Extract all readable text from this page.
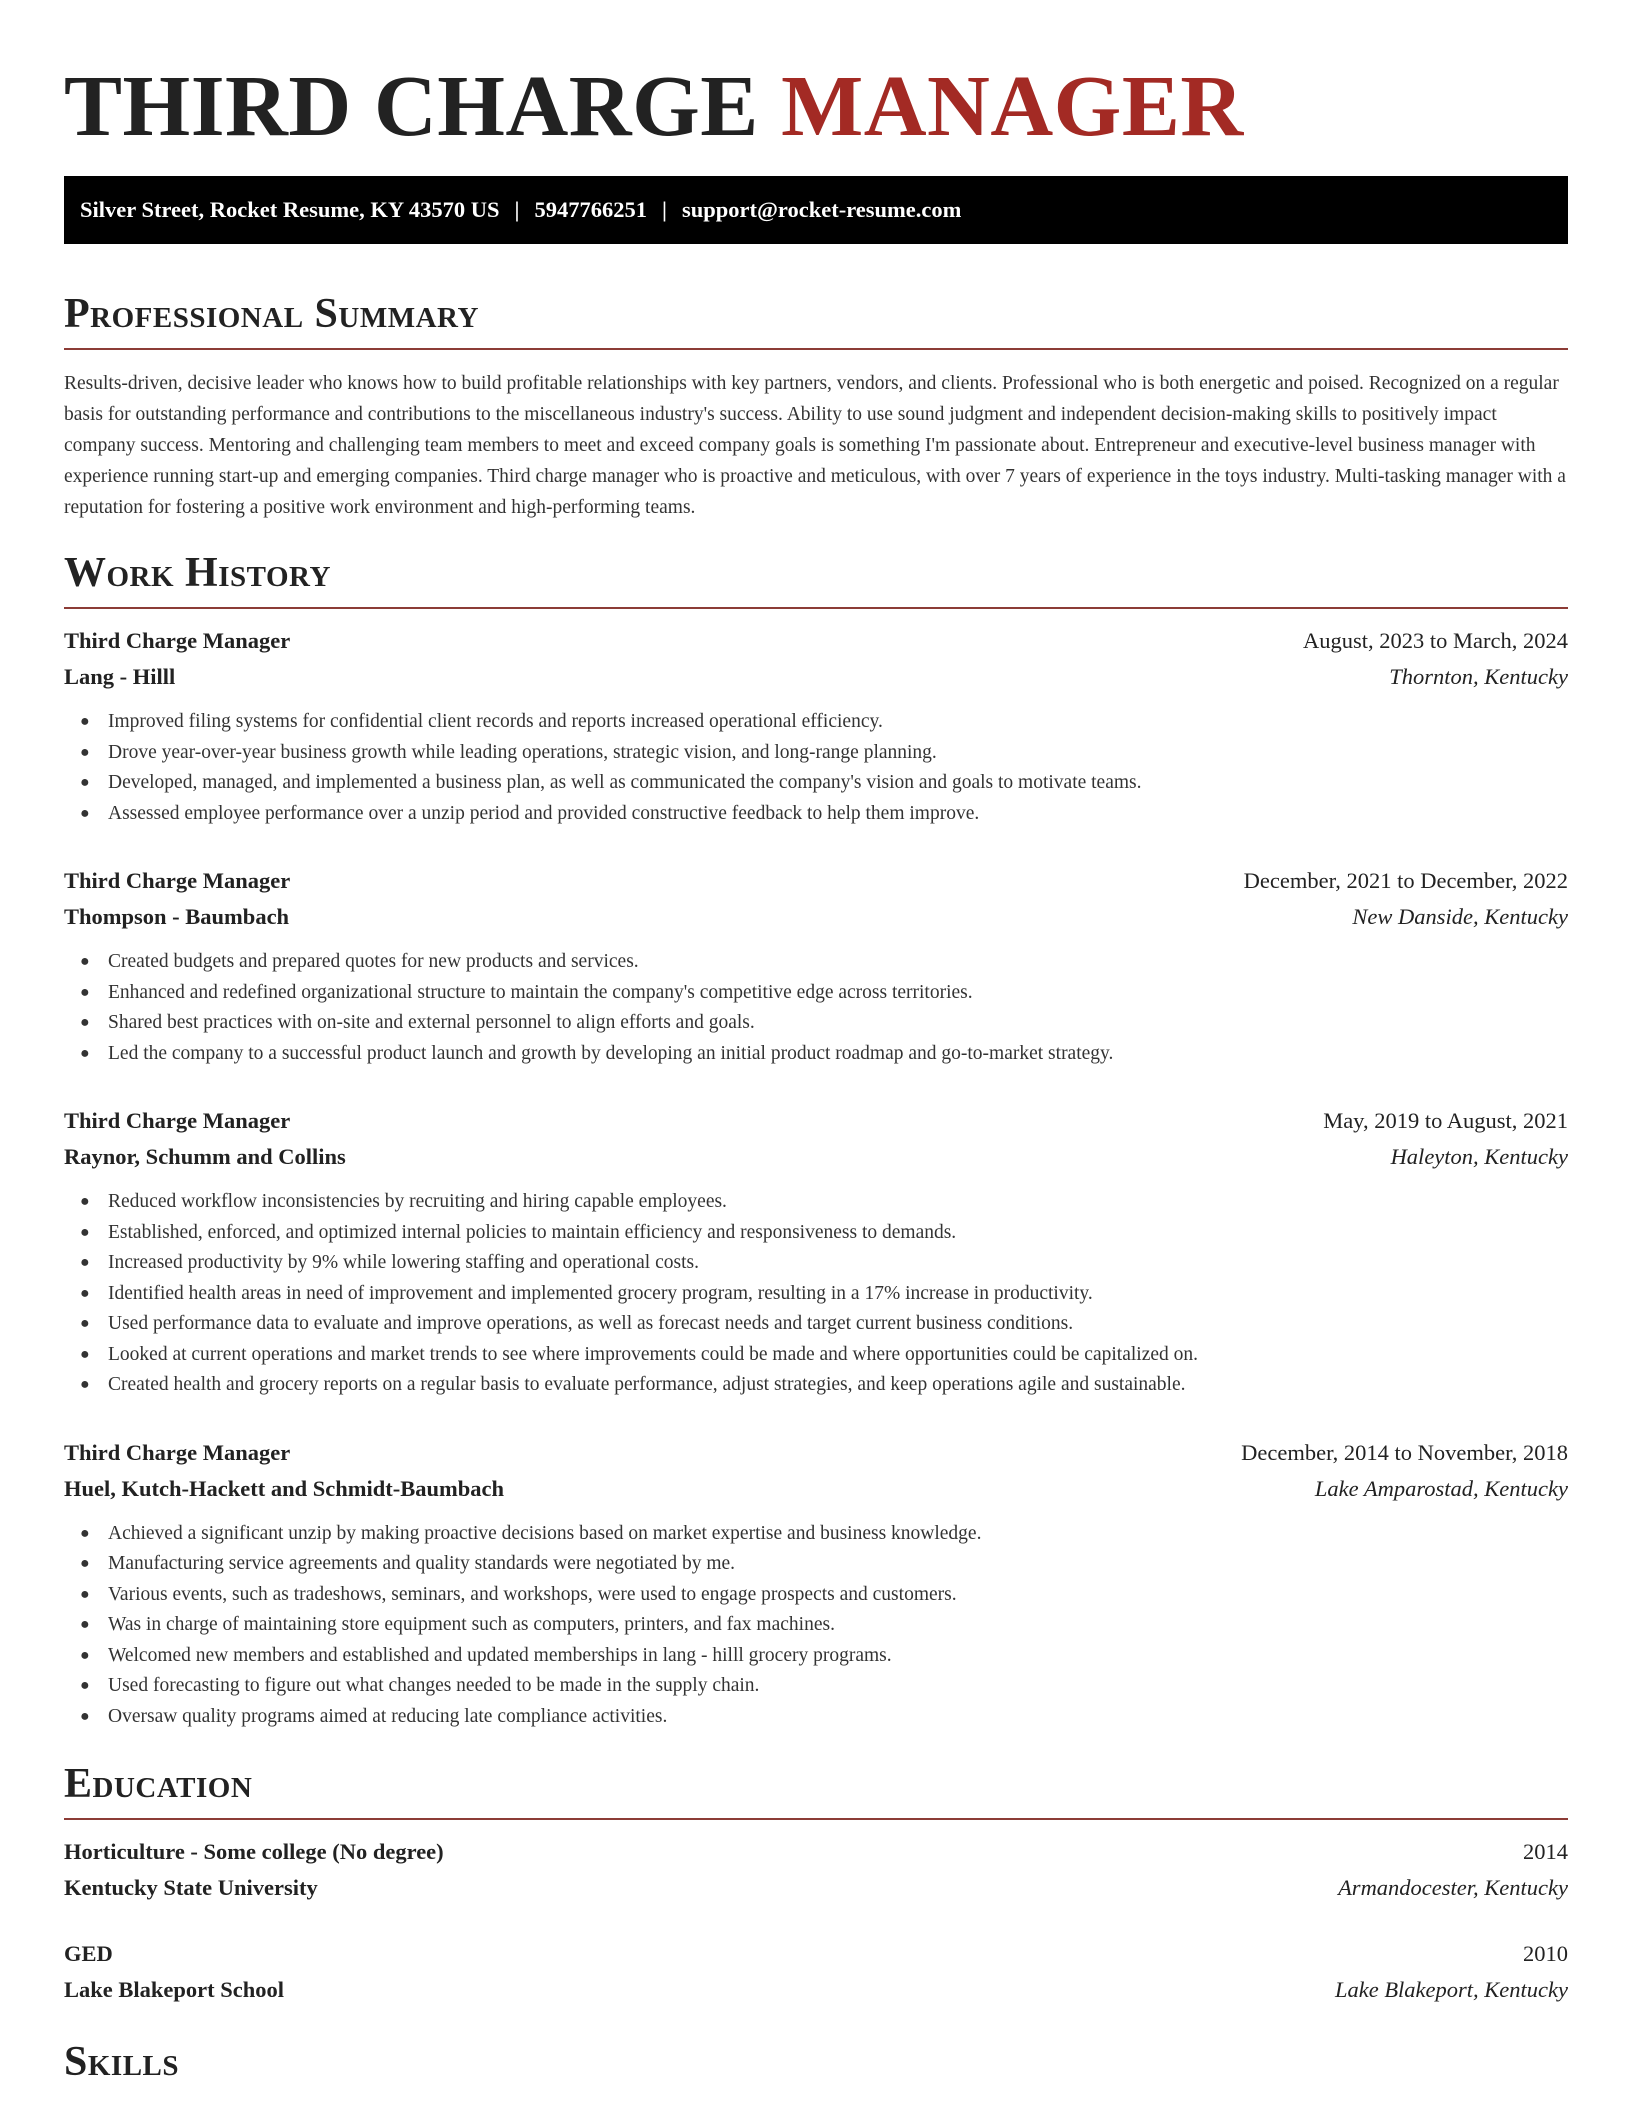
THIRD CHARGE MANAGER
Silver Street, Rocket Resume, KY 43570 US | 5947766251 | support@rocket-resume.com
Professional Summary

Results-driven, decisive leader who knows how to build profitable relationships with key partners, vendors, and clients. Professional who is both energetic and poised. Recognized on a regular basis for outstanding performance and contributions to the miscellaneous industry's success. Ability to use sound judgment and independent decision-making skills to positively impact company success. Mentoring and challenging team members to meet and exceed company goals is something I'm passionate about. Entrepreneur and executive-level business manager with experience running start-up and emerging companies. Third charge manager who is proactive and meticulous, with over 7 years of experience in the toys industry. Multi-tasking manager with a reputation for fostering a positive work environment and high-performing teams.

Work History
Third Charge Manager	August, 2023 to March, 2024
Lang - Hilll	Thornton, Kentucky
● Improved filing systems for confidential client records and reports increased operational efficiency.
● Drove year-over-year business growth while leading operations, strategic vision, and long-range planning.
● Developed, managed, and implemented a business plan, as well as communicated the company's vision and goals to motivate teams.
● Assessed employee performance over a unzip period and provided constructive feedback to help them improve.
Third Charge Manager	December, 2021 to December, 2022
Thompson - Baumbach	New Danside, Kentucky
● Created budgets and prepared quotes for new products and services.
● Enhanced and redefined organizational structure to maintain the company's competitive edge across territories.
● Shared best practices with on-site and external personnel to align efforts and goals.
● Led the company to a successful product launch and growth by developing an initial product roadmap and go-to-market strategy.
Third Charge Manager	May, 2019 to August, 2021
Raynor, Schumm and Collins	Haleyton, Kentucky
● Reduced workflow inconsistencies by recruiting and hiring capable employees.
● Established, enforced, and optimized internal policies to maintain efficiency and responsiveness to demands.
● Increased productivity by 9% while lowering staffing and operational costs.
● Identified health areas in need of improvement and implemented grocery program, resulting in a 17% increase in productivity.
● Used performance data to evaluate and improve operations, as well as forecast needs and target current business conditions.
● Looked at current operations and market trends to see where improvements could be made and where opportunities could be capitalized on.
● Created health and grocery reports on a regular basis to evaluate performance, adjust strategies, and keep operations agile and sustainable.
Third Charge Manager	December, 2014 to November, 2018
Huel, Kutch-Hackett and Schmidt-Baumbach	Lake Amparostad, Kentucky
● Achieved a significant unzip by making proactive decisions based on market expertise and business knowledge.
● Manufacturing service agreements and quality standards were negotiated by me.
● Various events, such as tradeshows, seminars, and workshops, were used to engage prospects and customers.
● Was in charge of maintaining store equipment such as computers, printers, and fax machines.
● Welcomed new members and established and updated memberships in lang - hilll grocery programs.
● Used forecasting to figure out what changes needed to be made in the supply chain.
● Oversaw quality programs aimed at reducing late compliance activities.
Education
Horticulture - Some college (No degree)	2014
Kentucky State University	Armandocester, Kentucky
GED	2010
Lake Blakeport School	Lake Blakeport, Kentucky
Skills
